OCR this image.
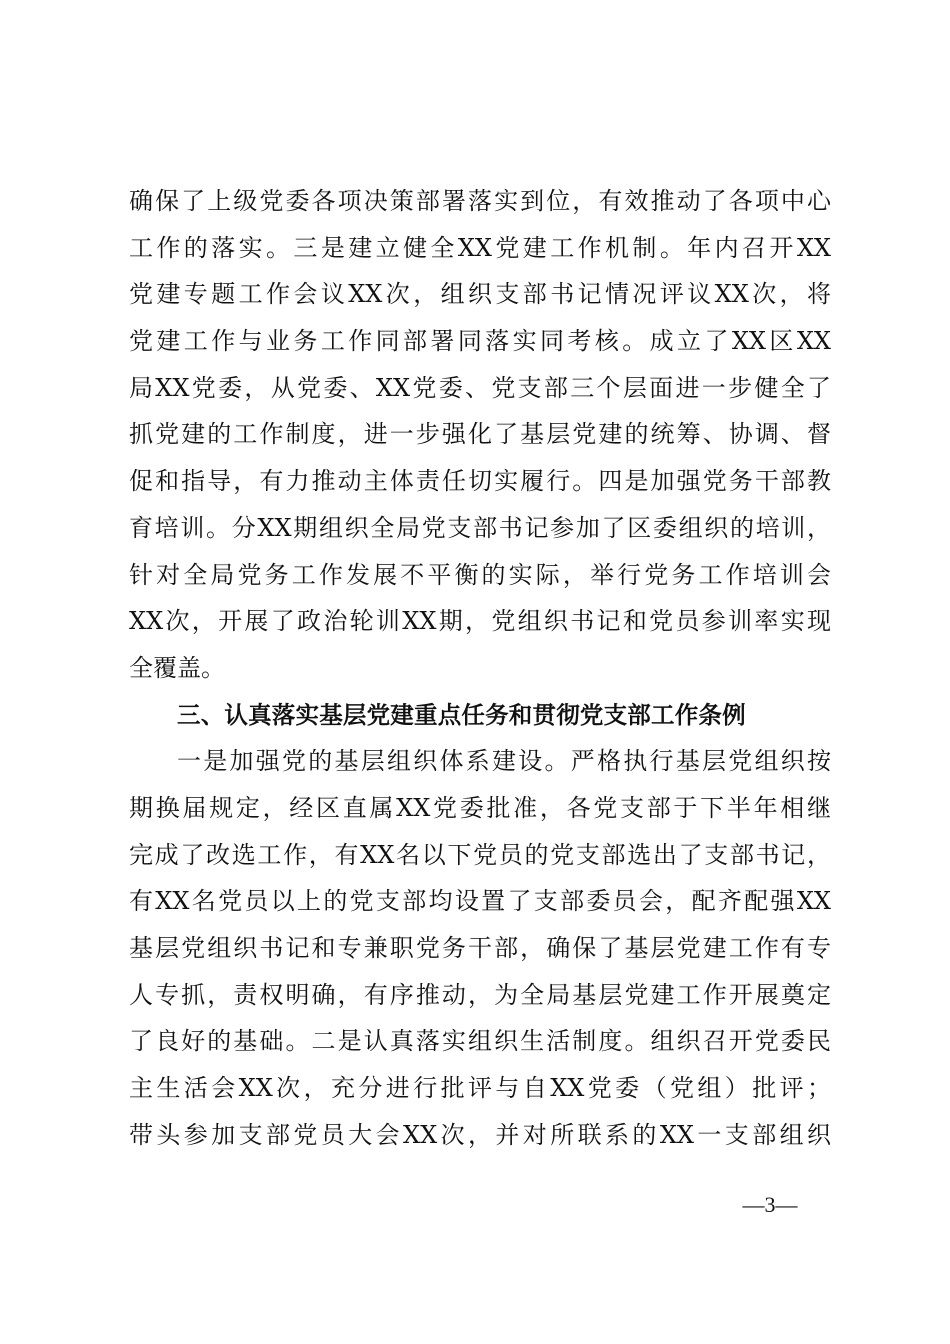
确保了上级党委各项决策部署落实到位，有效推动了各项中心
工作的落实。三是建立健全XX党建工作机制。年内召开XX
党建专题工作会议XX次，组织支部书记情况评议XX次，将
党建工作与业务工作同部署同落实同考核。成立了XX区XX
局XX党委，从党委、XX党委、党支部三个层面进一步健全了
抓党建的工作制度，进一步强化了基层党建的统筹、协调、督
促和指导，有力推动主体责任切实履行。四是加强党务干部教
育培训。分XX期组织全局党支部书记参加了区委组织的培训，
针对全局党务工作发展不平衡的实际，举行党务工作培训会
XX次，开展了政治轮训XX期，党组织书记和党员参训率实现
全覆盖。
三、认真落实基层党建重点任务和贯彻党支部工作条例
一是加强党的基层组织体系建设。严格执行基层党组织按
期换届规定，经区直属XX党委批准，各党支部于下半年相继
完成了改选工作，有XX名以下党员的党支部选出了支部书记，
有XX名党员以上的党支部均设置了支部委员会，配齐配强XX
基层党组织书记和专兼职党务干部，确保了基层党建工作有专
人专抓，责权明确，有序推动，为全局基层党建工作开展奠定
了良好的基础。二是认真落实组织生活制度。组织召开党委民
主生活会XX次，充分进行批评与自XX党委（党组）批评；
带头参加支部党员大会XX次，并对所联系的XX一支部组织
—3—
